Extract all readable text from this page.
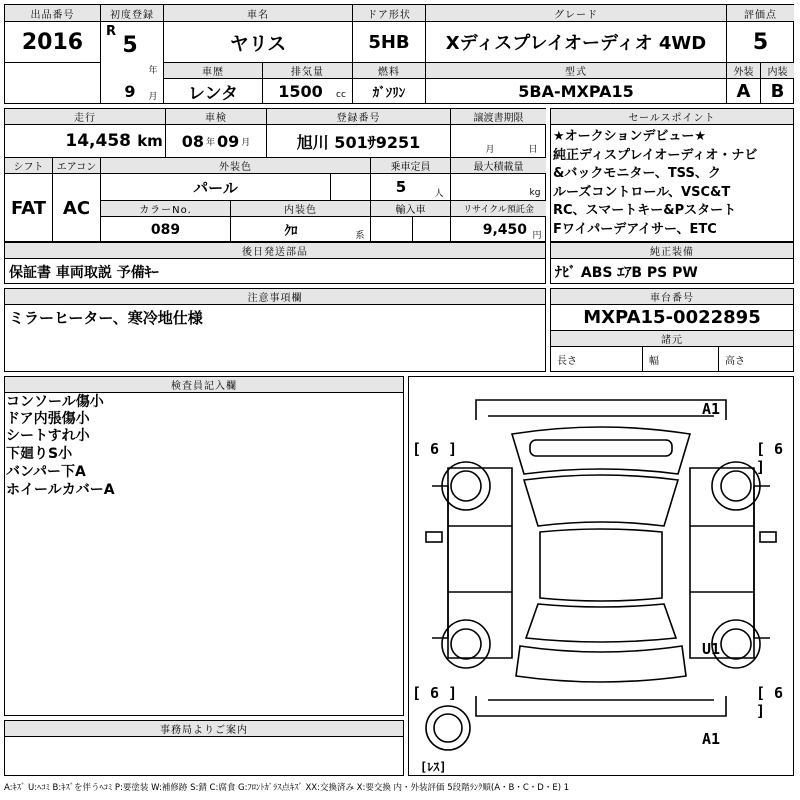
出品番号
2016
初度登録
R
5
年
9	月
車名
ヤリス
ドア形状
5HB
グレード
Xディスプレイオーディオ 4WD
評価点
5
車歴
レンタ
排気量
1500	cc
燃料
ｶﾞｿﾘﾝ
型式
5BA-MXPA15
外装	内装
A	B
走行
14,458 km
車検
08 年 09 月
登録番号
旭川 501ｻ9251
譲渡書期限
月	日
シフト
FAT
エアコン
AC
外装色
パール
乗車定員
5	人
最大積載量
kg
カラーNo.
089
内装色
ｸﾛ	系
輸入車	リサイクル預託金
9,450 円
後日発送部品
保証書 車両取説 予備ｷｰ
セールスポイント
★オークションデビュー★
純正ディスプレイオーディオ・ナビ
&バックモニター、TSS、ク
ルーズコントロール、VSC&T
RC、スマートキー&Pスタート
Fワイパーデアイサー、ETC
純正装備
ﾅﾋﾞ ABS ｴｱB PS PW
注意事項欄
ミラーヒーター、寒冷地仕様
車台番号
MXPA15-0022895
諸元
長さ	幅	高さ
検査員記入欄
コンソール傷小
ドア内張傷小
シートすれ小
下廻りS小
バンパー下A
ホイールカバーA
事務局よりご案内
A1
A1
U1
[ 6 ]	[ 6 ]
[ 6 ]	[ 6 ]
[ﾚｽ]
A:ｷｽﾞ U:ﾍｺﾐ B:ｷｽﾞを伴うﾍｺﾐ P:要塗装 W:補修跡 S:錆 C:腐食 G:ﾌﾛﾝﾄｶﾞﾗｽ点ｷｽﾞ XX:交換済み X:要交換 内・外装評価 5段階ﾗﾝｸ順(A・B・C・D・E) 1
